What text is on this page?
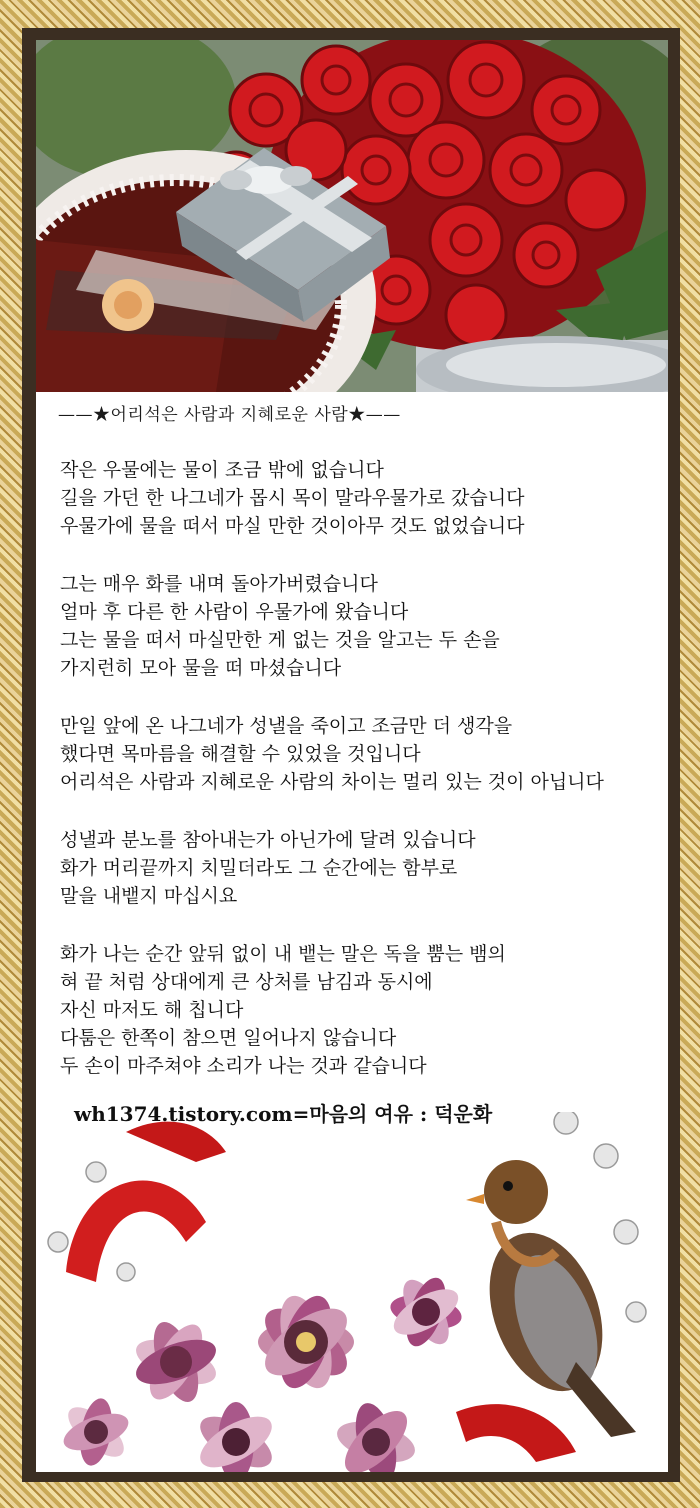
——★어리석은 사람과 지혜로운 사람★——
작은 우물에는 물이 조금 밖에 없습니다
길을 가던 한 나그네가 몹시 목이 말라우물가로 갔습니다
우물가에 물을 떠서 마실 만한 것이아무 것도 없었습니다
그는 매우 화를 내며 돌아가버렸습니다
얼마 후 다른 한 사람이 우물가에 왔습니다
그는 물을 떠서 마실만한 게 없는 것을 알고는 두 손을
가지런히 모아 물을 떠 마셨습니다
만일 앞에 온 나그네가 성낼을 죽이고 조금만 더 생각을
했다면 목마름을 해결할 수 있었을 것입니다
어리석은 사람과 지혜로운 사람의 차이는 멀리 있는 것이 아닙니다
성낼과 분노를 참아내는가 아닌가에 달려 있습니다
화가 머리끝까지 치밀더라도 그 순간에는 함부로
말을 내뱉지 마십시요
화가 나는 순간 앞뒤 없이 내 뱉는 말은 독을 뿜는 뱀의
혀 끝 처럼 상대에게 큰 상처를 남김과 동시에
자신 마저도 해 칩니다
다툼은 한쪽이 참으면 일어나지 않습니다
두 손이 마주쳐야 소리가 나는 것과 같습니다
wh1374.tistory.com=마음의 여유 : 덕운화
